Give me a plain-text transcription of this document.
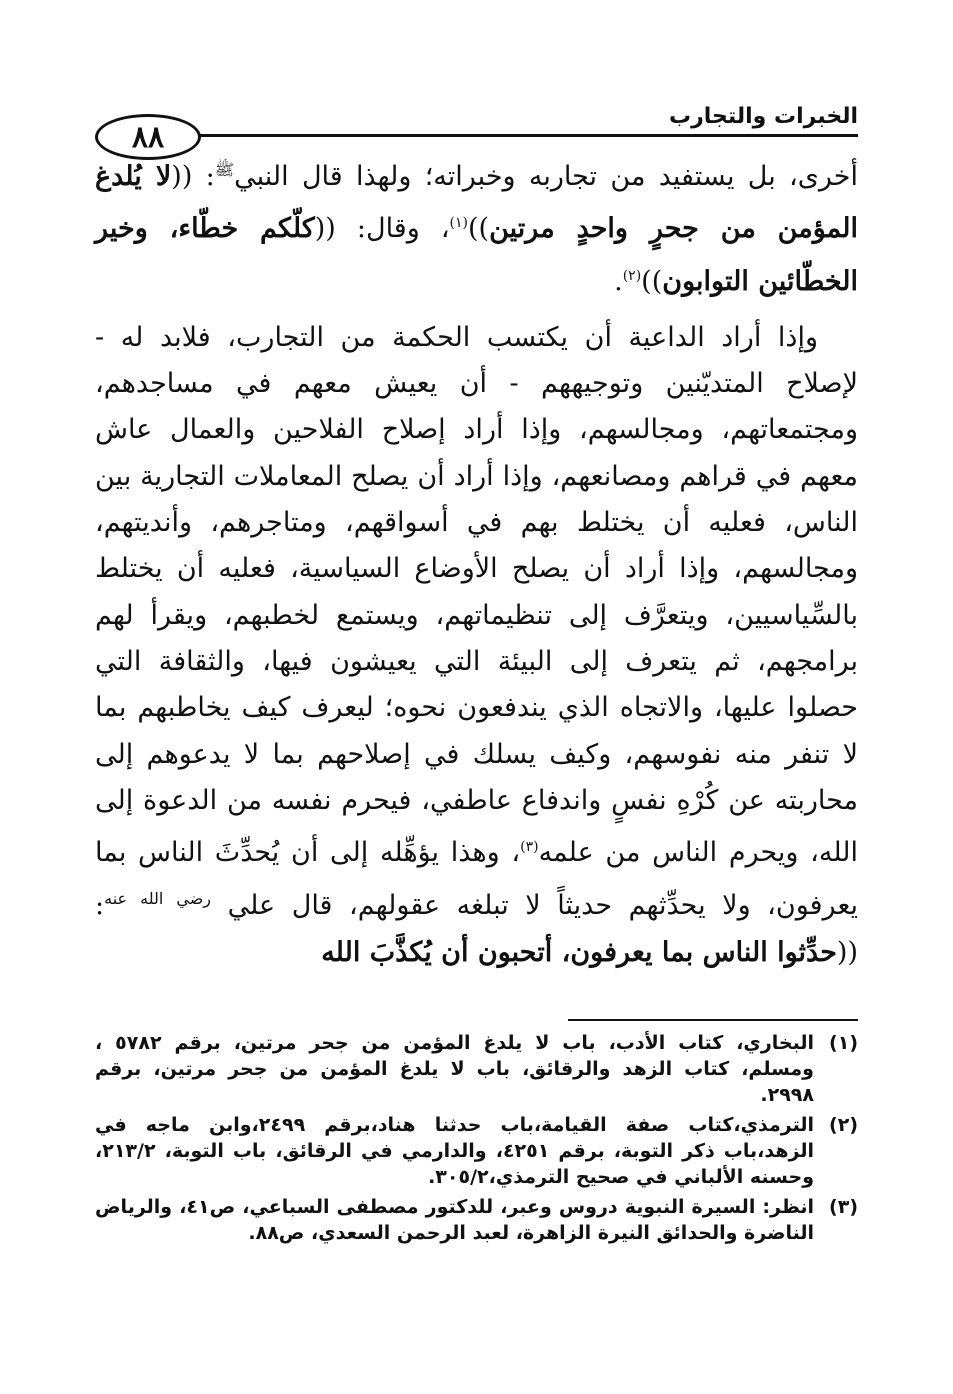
الخبرات والتجارب
٨٨

أخرى، بل يستفيد من تجاربه وخبراته؛ ولهذا قال النبي$^ﷺ$: ((لا يُلدغ المؤمن من جحرٍ واحدٍ مرتين))$^{(١)}$، وقال: ((كلّكم خطّاء، وخير الخطّائين التوابون))$^{(٢)}$.

وإذا أراد الداعية أن يكتسب الحكمة من التجارب، فلابد له - لإصلاح المتديّنين وتوجيههم - أن يعيش معهم في مساجدهم، ومجتمعاتهم، ومجالسهم، وإذا أراد إصلاح الفلاحين والعمال عاش معهم في قراهم ومصانعهم، وإذا أراد أن يصلح المعاملات التجارية بين الناس، فعليه أن يختلط بهم في أسواقهم، ومتاجرهم، وأنديتهم، ومجالسهم، وإذا أراد أن يصلح الأوضاع السياسية، فعليه أن يختلط بالسِّياسيين، ويتعرَّف إلى تنظيماتهم، ويستمع لخطبهم، ويقرأ لهم برامجهم، ثم يتعرف إلى البيئة التي يعيشون فيها، والثقافة التي حصلوا عليها، والاتجاه الذي يندفعون نحوه؛ ليعرف كيف يخاطبهم بما لا تنفر منه نفوسهم، وكيف يسلك في إصلاحهم بما لا يدعوهم إلى محاربته عن كُرْهِ نفسٍ واندفاع عاطفي، فيحرم نفسه من الدعوة إلى الله، ويحرم الناس من علمه$^{(٣)}$، وهذا يؤهِّله إلى أن يُحدِّثَ الناس بما يعرفون، ولا يحدِّثهم حديثاً لا تبلغه عقولهم، قال علي $^{رضي الله عنه}$: ((حدِّثوا الناس بما يعرفون، أتحبون أن يُكذَّبَ الله

(١)
البخاري، كتاب الأدب، باب لا يلدغ المؤمن من جحر مرتين، برقم ٥٧٨٢ ، ومسلم، كتاب الزهد والرقائق، باب لا يلدغ المؤمن من جحر مرتين، برقم ٢٩٩٨.
(٢)
الترمذي،كتاب صفة القيامة،باب حدثنا هناد،برقم ٢٤٩٩،وابن ماجه في الزهد،باب ذكر التوبة، برقم ٤٢٥١، والدارمي في الرقائق، باب التوبة، ٢١٣/٢، وحسنه الألباني في صحيح الترمذي،٣٠٥/٢.
(٣)
انظر: السيرة النبوية دروس وعبر، للدكتور مصطفى السباعي، ص٤١، والرياض الناضرة والحدائق النيرة الزاهرة، لعبد الرحمن السعدي، ص٨٨.
